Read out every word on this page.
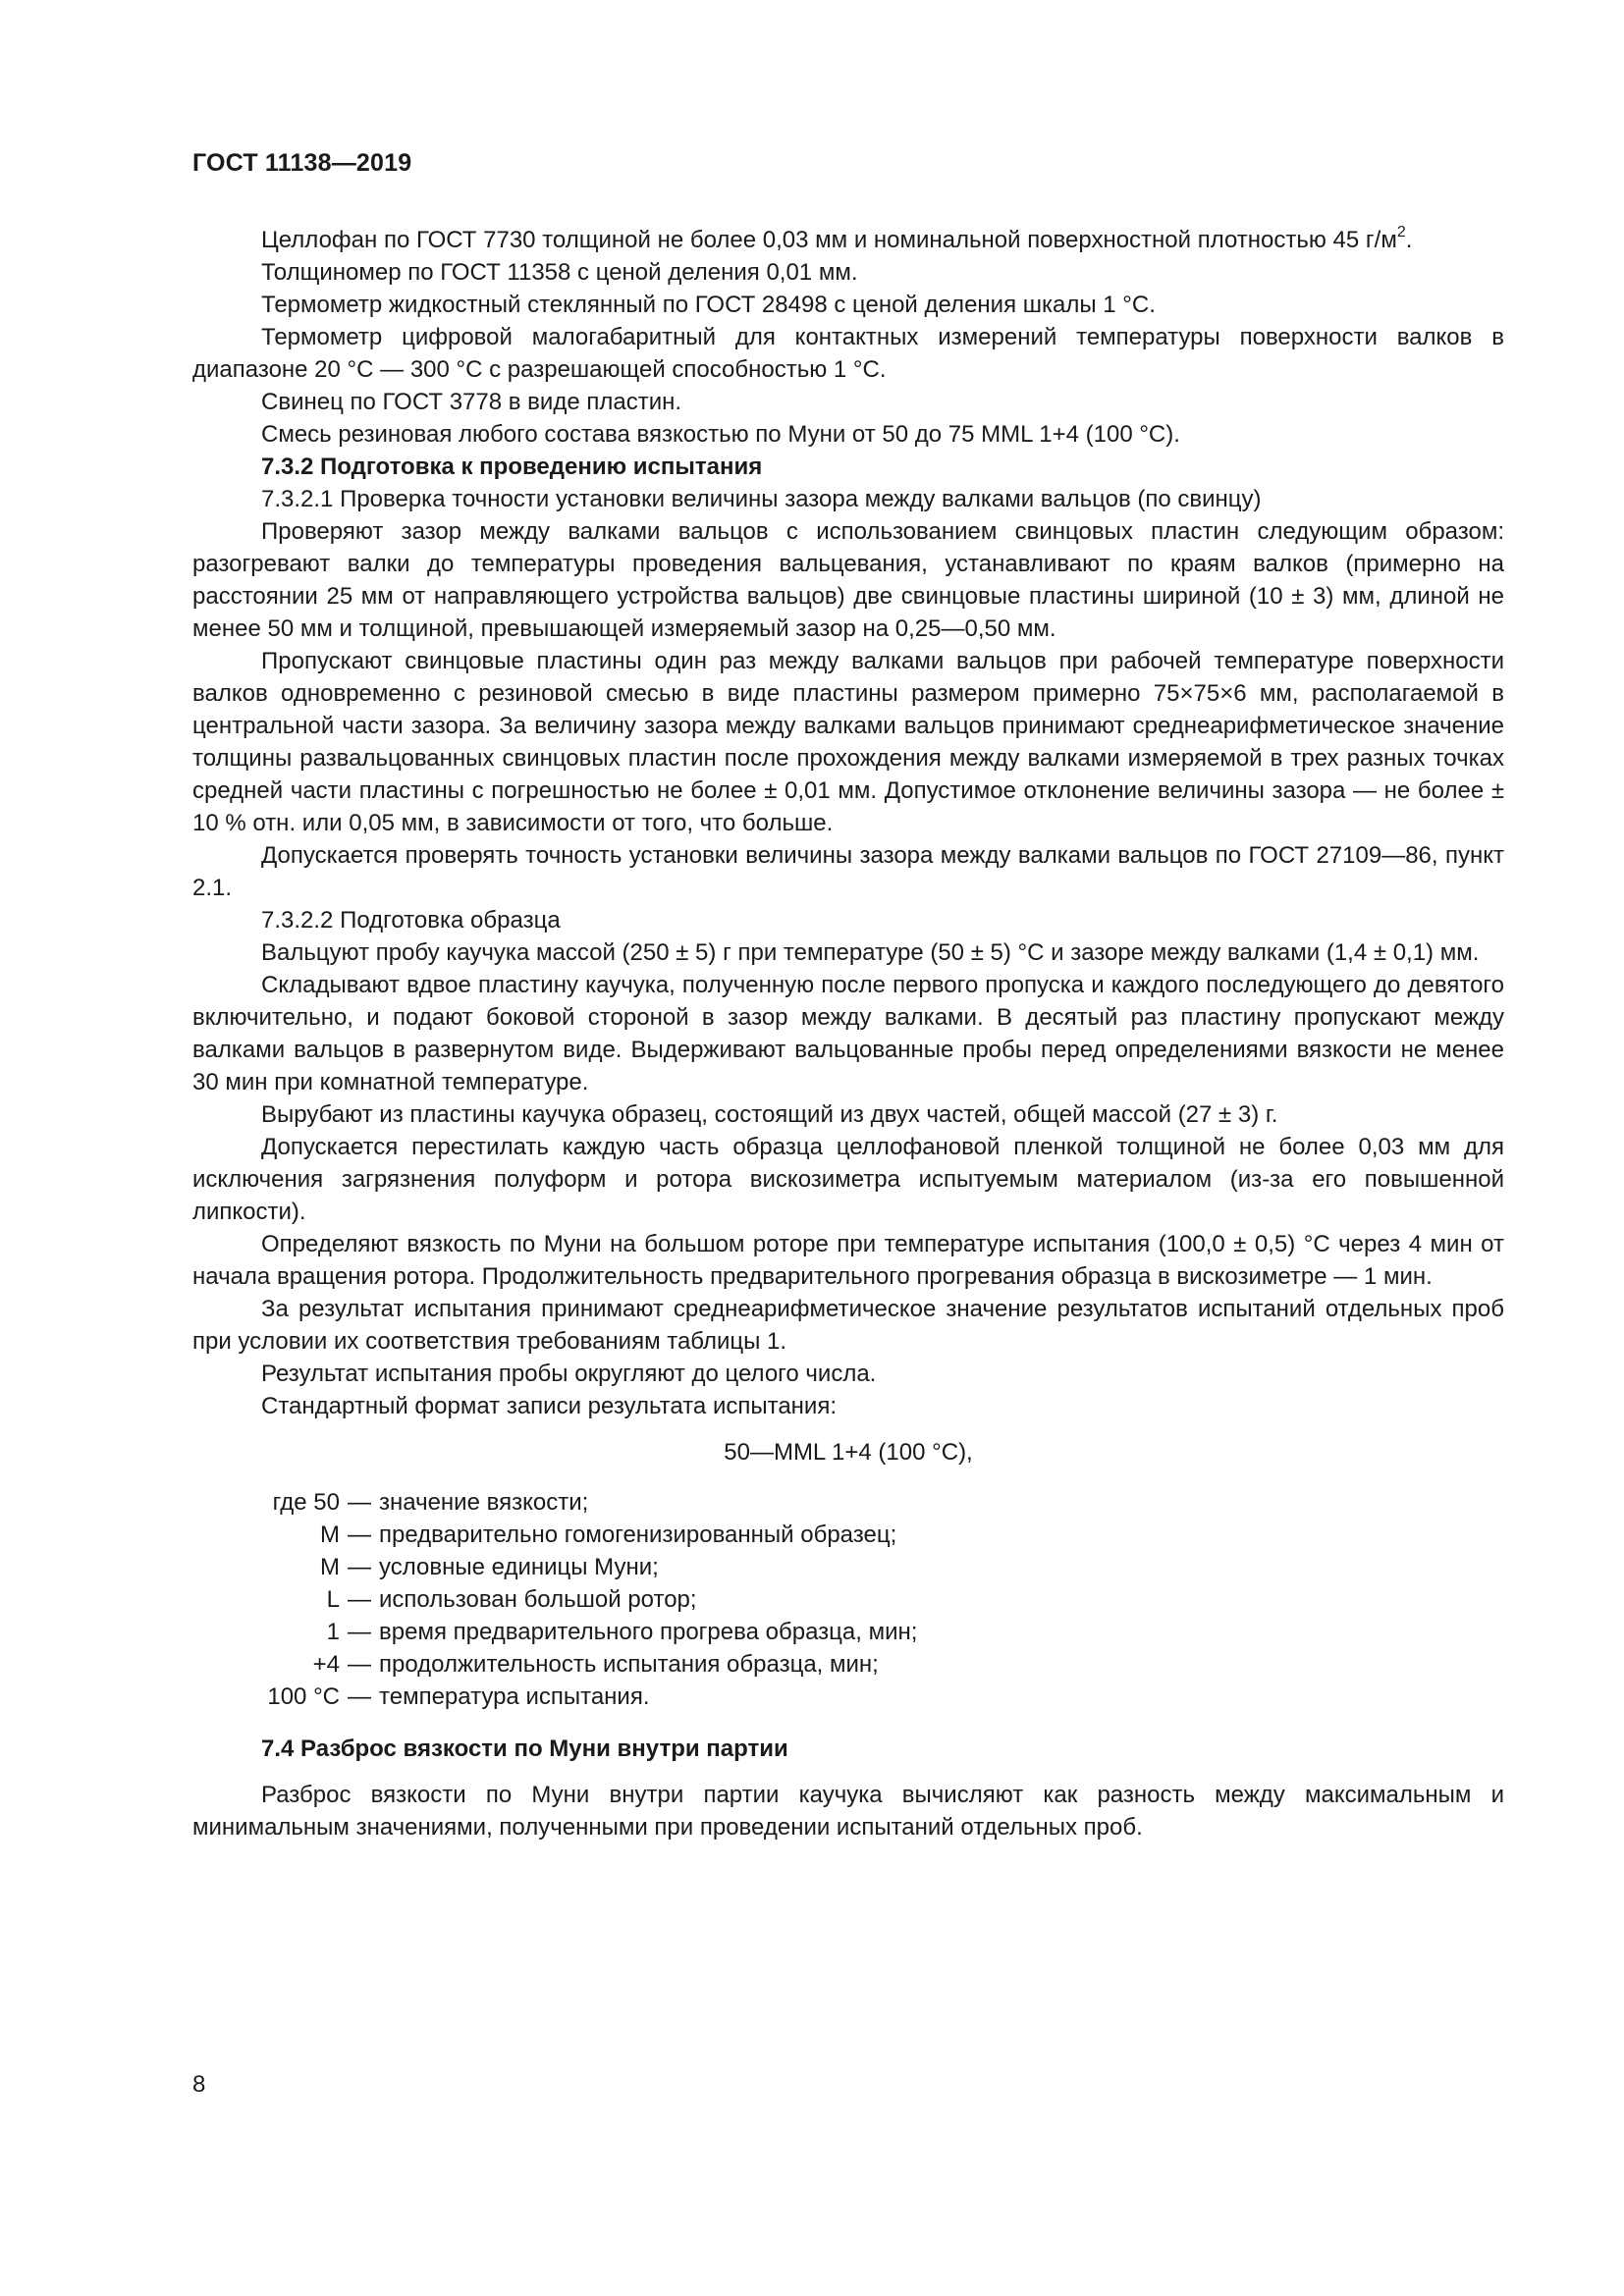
ГОСТ 11138—2019

Целлофан по ГОСТ 7730 толщиной не более 0,03 мм и номинальной поверхностной плотностью 45 $г/м^2$.

Толщиномер по ГОСТ 11358 с ценой деления 0,01 мм.

Термометр жидкостный стеклянный по ГОСТ 28498 с ценой деления шкалы 1 °С.

Термометр цифровой малогабаритный для контактных измерений температуры поверхности валков в диапазоне 20 °С — 300 °С с разрешающей способностью 1 °С.

Свинец по ГОСТ 3778 в виде пластин.

Смесь резиновая любого состава вязкостью по Муни от 50 до 75 MML 1+4 (100 °С).

7.3.2 Подготовка к проведению испытания

7.3.2.1 Проверка точности установки величины зазора между валками вальцов (по свинцу)

Проверяют зазор между валками вальцов с использованием свинцовых пластин следующим образом: разогревают валки до температуры проведения вальцевания, устанавливают по краям валков (примерно на расстоянии 25 мм от направляющего устройства вальцов) две свинцовые пластины шириной (10 ± 3) мм, длиной не менее 50 мм и толщиной, превышающей измеряемый зазор на 0,25—0,50 мм.

Пропускают свинцовые пластины один раз между валками вальцов при рабочей температуре поверхности валков одновременно с резиновой смесью в виде пластины размером примерно 75×75×6 мм, располагаемой в центральной части зазора. За величину зазора между валками вальцов принимают среднеарифметическое значение толщины развальцованных свинцовых пластин после прохождения между валками измеряемой в трех разных точках средней части пластины с погрешностью не более ± 0,01 мм. Допустимое отклонение величины зазора — не более ± 10 % отн. или 0,05 мм, в зависимости от того, что больше.

Допускается проверять точность установки величины зазора между валками вальцов по ГОСТ 27109—86, пункт 2.1.

7.3.2.2 Подготовка образца

Вальцуют пробу каучука массой (250 ± 5) г при температуре (50 ± 5) °С и зазоре между валками (1,4 ± 0,1) мм.

Складывают вдвое пластину каучука, полученную после первого пропуска и каждого последующего до девятого включительно, и подают боковой стороной в зазор между валками. В десятый раз пластину пропускают между валками вальцов в развернутом виде. Выдерживают вальцованные пробы перед определениями вязкости не менее 30 мин при комнатной температуре.

Вырубают из пластины каучука образец, состоящий из двух частей, общей массой (27 ± 3) г.

Допускается перестилать каждую часть образца целлофановой пленкой толщиной не более 0,03 мм для исключения загрязнения полуформ и ротора вискозиметра испытуемым материалом (из-за его повышенной липкости).

Определяют вязкость по Муни на большом роторе при температуре испытания (100,0 ± 0,5) °С через 4 мин от начала вращения ротора. Продолжительность предварительного прогревания образца в вискозиметре — 1 мин.

За результат испытания принимают среднеарифметическое значение результатов испытаний отдельных проб при условии их соответствия требованиям таблицы 1.

Результат испытания пробы округляют до целого числа.

Стандартный формат записи результата испытания:

50—MML 1+4 (100 °С),
где 50 — значение вязкости;
M — предварительно гомогенизированный образец;
M — условные единицы Муни;
L — использован большой ротор;
1 — время предварительного прогрева образца, мин;
+4 — продолжительность испытания образца, мин;
100 °С — температура испытания.
7.4 Разброс вязкости по Муни внутри партии

Разброс вязкости по Муни внутри партии каучука вычисляют как разность между максимальным и минимальным значениями, полученными при проведении испытаний отдельных проб.

8
